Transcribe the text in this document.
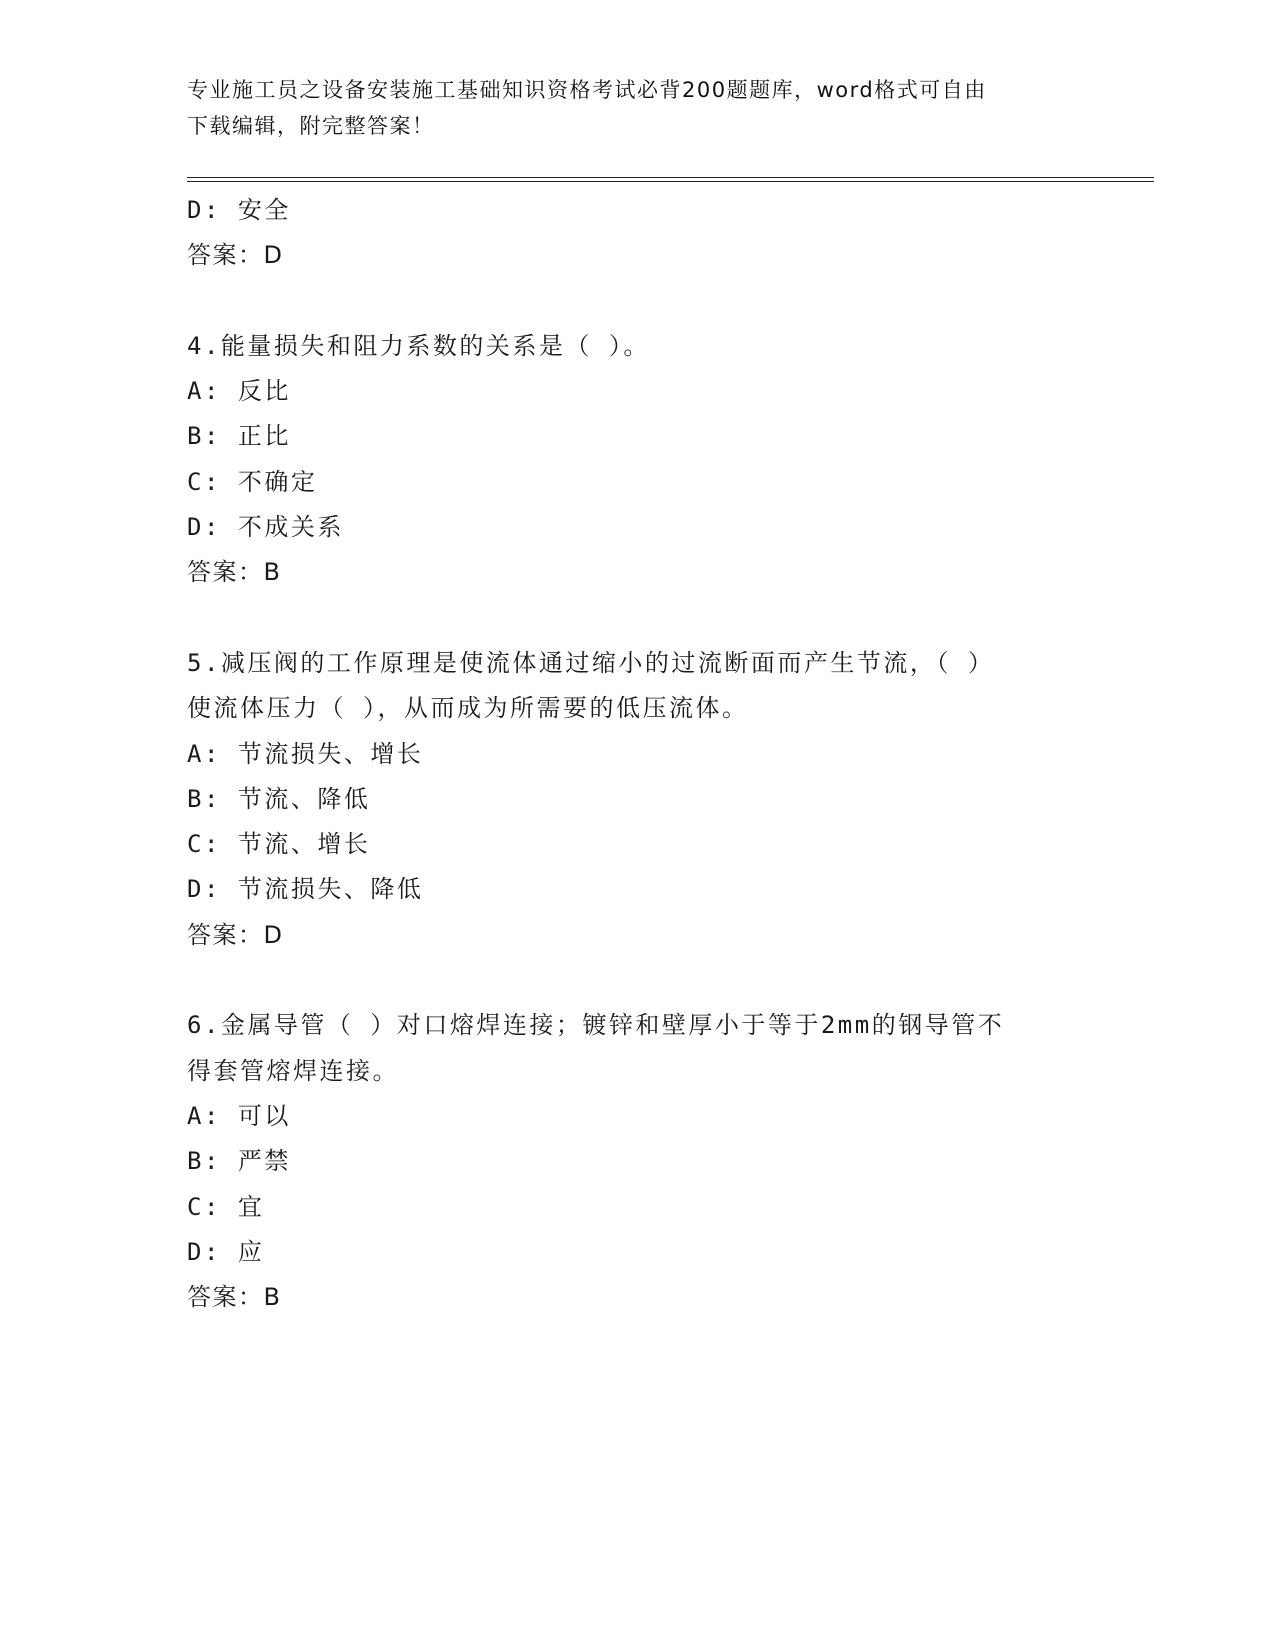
专业施工员之设备安装施工基础知识资格考试必背200题题库，word格式可自由
下载编辑，附完整答案！
D: 安全
答案：D
4.能量损失和阻力系数的关系是（ ）。
A: 反比
B: 正比
C: 不确定
D: 不成关系
答案：B
5.减压阀的工作原理是使流体通过缩小的过流断面而产生节流，（ ）
使流体压力（ ），从而成为所需要的低压流体。
A: 节流损失、增长
B: 节流、降低
C: 节流、增长
D: 节流损失、降低
答案：D
6.金属导管（ ）对口熔焊连接；镀锌和壁厚小于等于2mm的钢导管不
得套管熔焊连接。
A: 可以
B: 严禁
C: 宜
D: 应
答案：B
